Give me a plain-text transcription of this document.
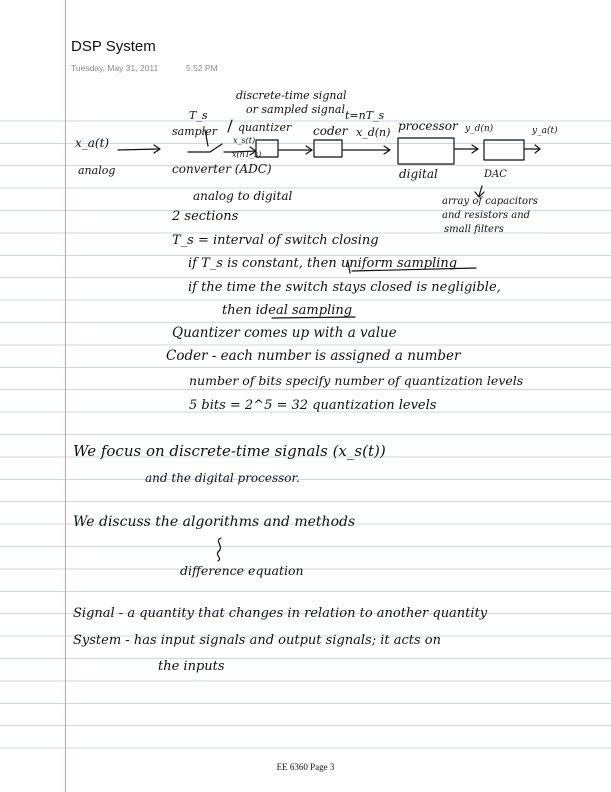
DSP System
Tuesday, May 31, 2011	5:52 PM
x_a(t)
analog
T_s
sampler
discrete-time signal
or sampled signal t=nT_s
quantizer
x_s(t)
x(nT_s)
coder x_d(n) processor y_d(n)	y_a(t)
converter (ADC)	digital	DAC
array of capacitors
and resistors and
small filters
analog to digital
2 sections
T_s = interval of switch closing
if T_s is constant, then uniform sampling
if the time the switch stays closed is negligible,
then ideal sampling
Quantizer comes up with a value
Coder - each number is assigned a number
number of bits specify number of quantization levels
5 bits = 2^5 = 32 quantization levels
We focus on discrete-time signals (x_s(t))
and the digital processor.
We discuss the algorithms and methods
difference equation
Signal - a quantity that changes in relation to another quantity
System - has input signals and output signals; it acts on
the inputs
EE 6360 Page 3
